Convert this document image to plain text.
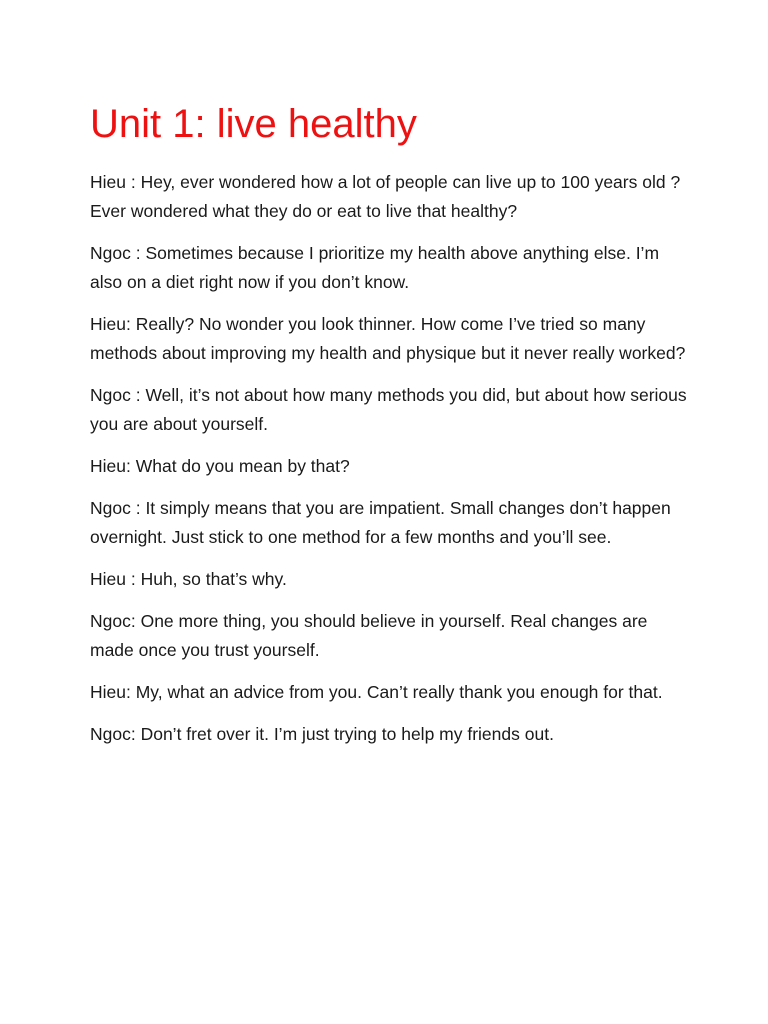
Unit 1: live healthy

Hieu : Hey, ever wondered how a lot of people can live up to 100 years old ? Ever wondered what they do or eat to live that healthy?

Ngoc : Sometimes because I prioritize my health above anything else. I’m also on a diet right now if you don’t know.

Hieu: Really? No wonder you look thinner. How come I’ve tried so many methods about improving my health and physique but it never really worked?

Ngoc : Well, it’s not about how many methods you did, but about how serious you are about yourself.

Hieu: What do you mean by that?

Ngoc : It simply means that you are impatient. Small changes don’t happen overnight. Just stick to one method for a few months and you’ll see.

Hieu : Huh, so that’s why.

Ngoc: One more thing, you should believe in yourself. Real changes are made once you trust yourself.

Hieu: My, what an advice from you. Can’t really thank you enough for that.

Ngoc: Don’t fret over it. I’m just trying to help my friends out.
